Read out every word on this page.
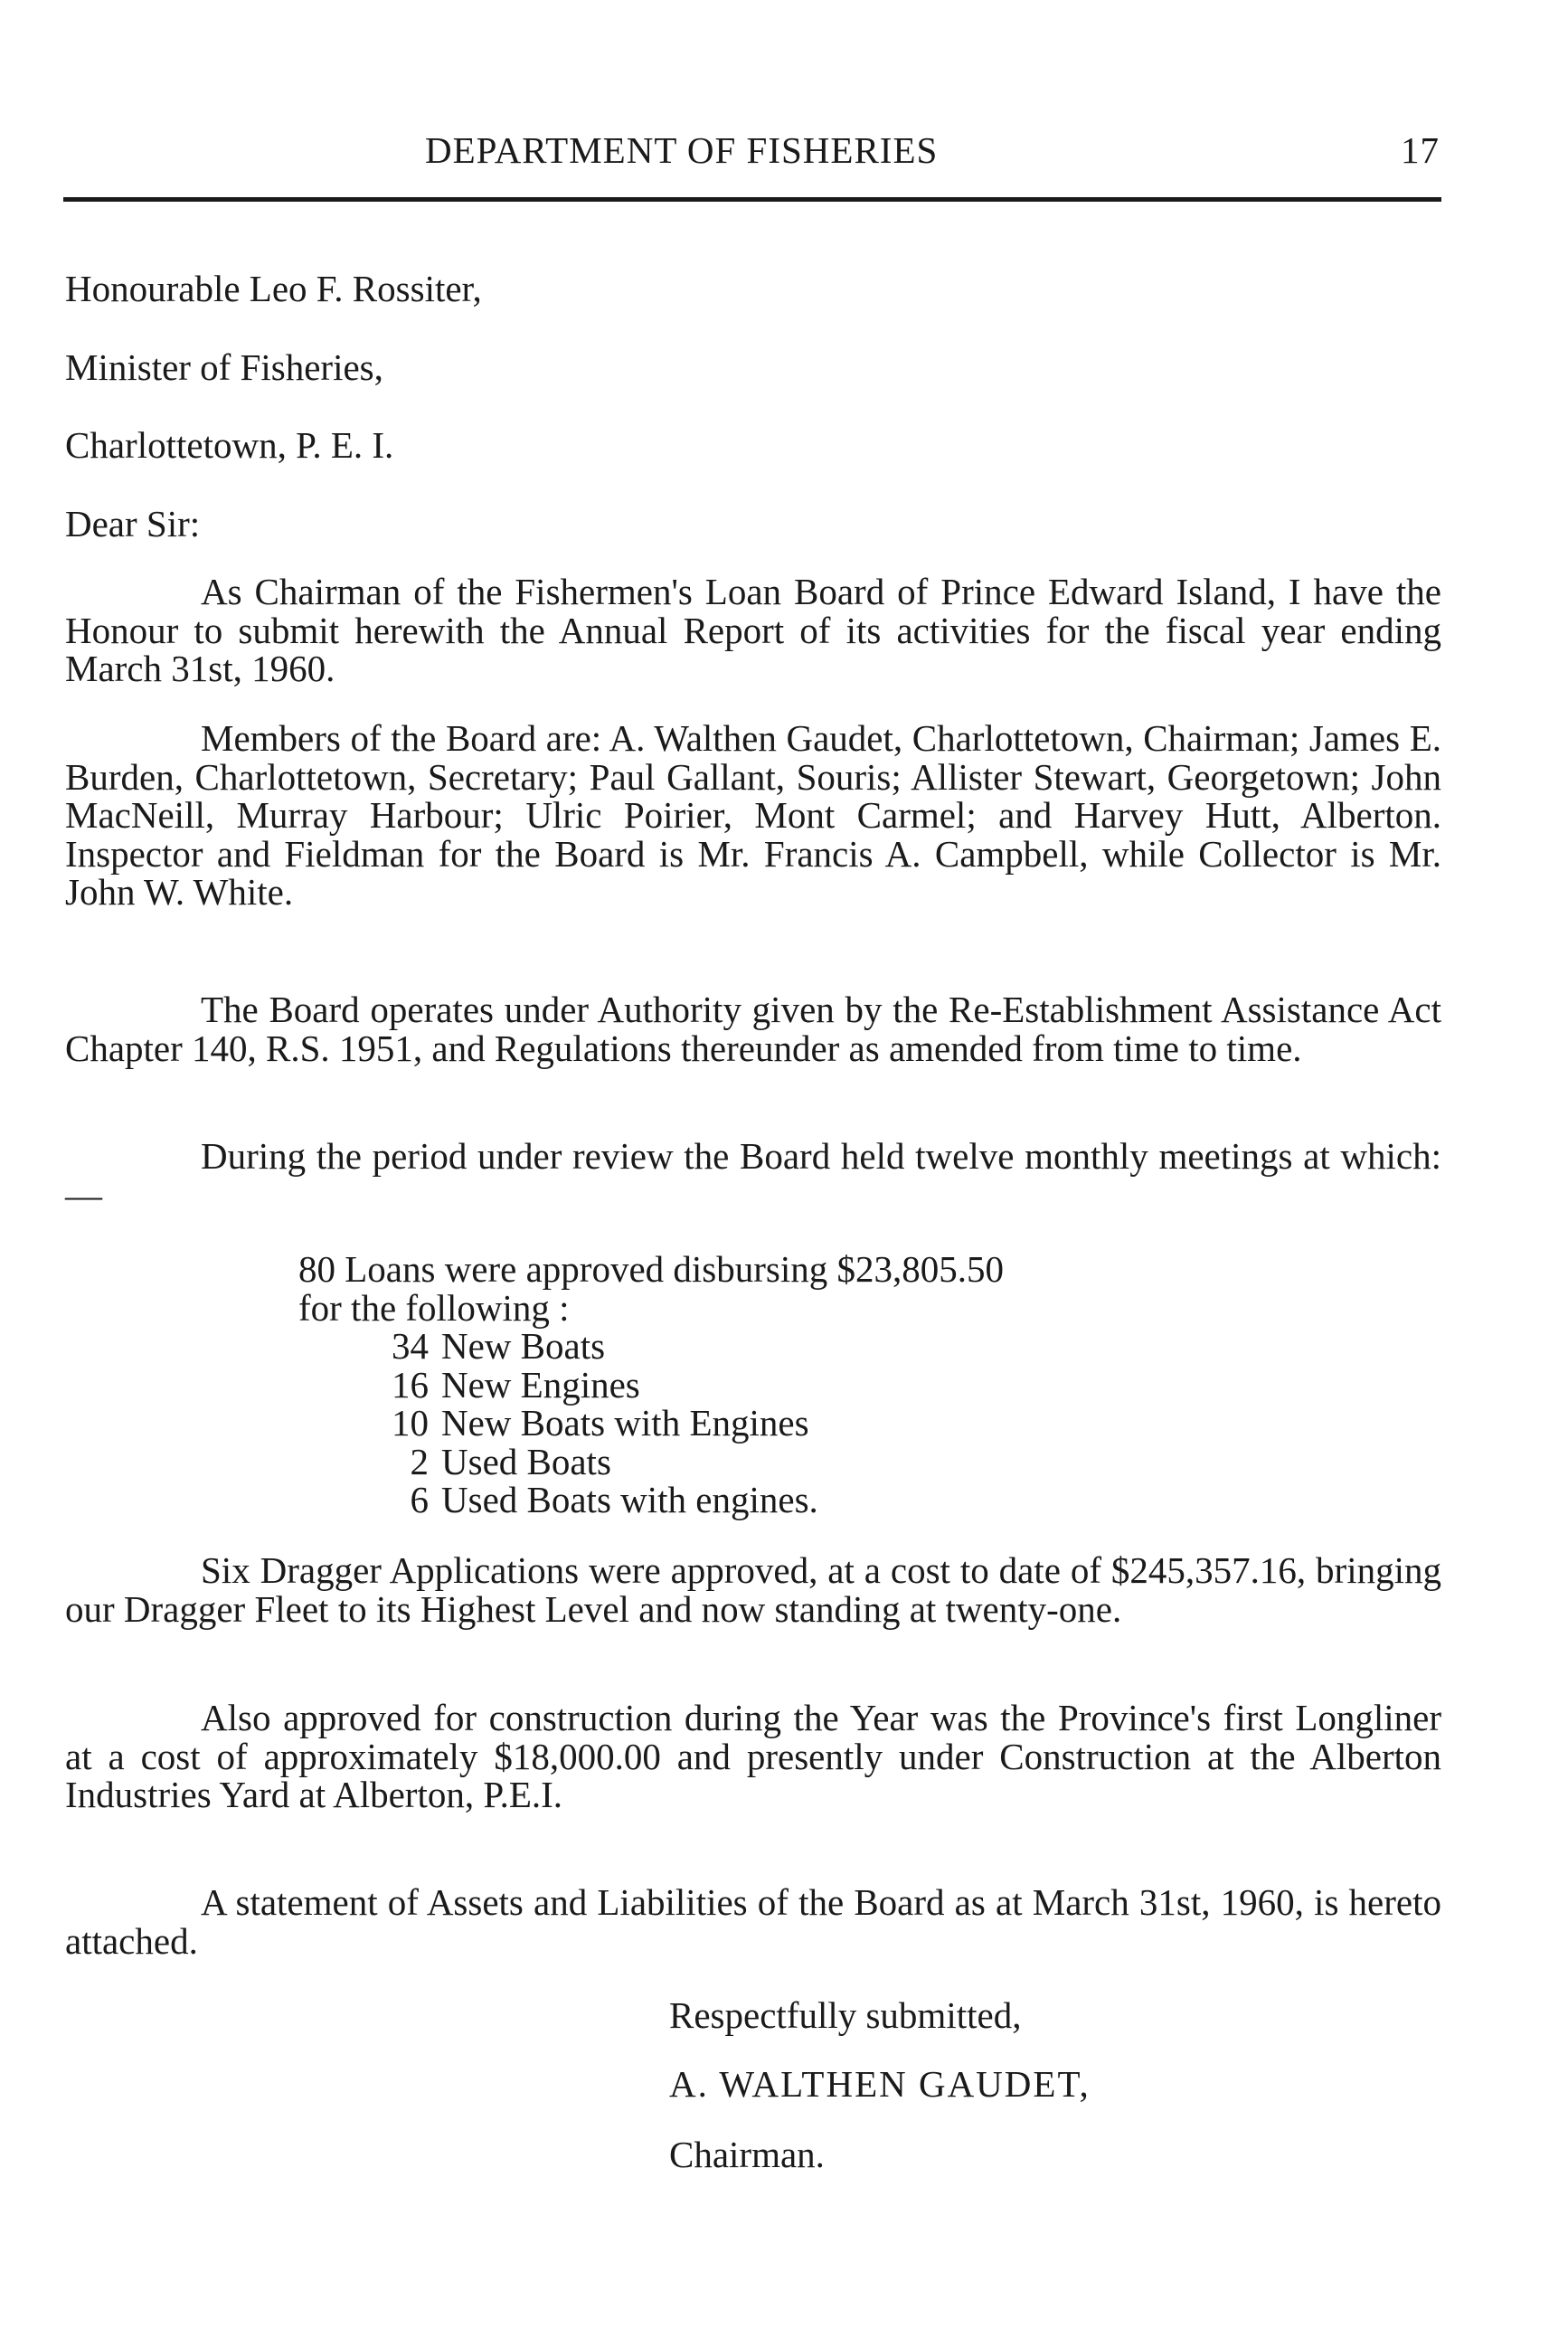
DEPARTMENT OF FISHERIES	17
Honourable Leo F. Rossiter,
Minister of Fisheries,
Charlottetown, P. E. I.
Dear Sir:
As Chairman of the Fishermen's Loan Board of Prince Edward Island, I have the Honour to submit herewith the Annual Report of its activities for the fiscal year ending March 31st, 1960.
Members of the Board are: A. Walthen Gaudet, Charlottetown, Chairman; James E. Burden, Charlottetown, Secretary; Paul Gallant, Souris; Allister Stewart, Georgetown; John MacNeill, Murray Harbour; Ulric Poirier, Mont Carmel; and Harvey Hutt, Alberton. Inspector and Fieldman for the Board is Mr. Francis A. Campbell, while Collector is Mr. John W. White.
The Board operates under Authority given by the Re-Establishment Assistance Act Chapter 140, R.S. 1951, and Regulations thereunder as amended from time to time.
During the period under review the Board held twelve monthly meetings at which:—
80 Loans were approved disbursing $23,805.50
for the following :
34 New Boats
16 New Engines
10 New Boats with Engines
2 Used Boats
6 Used Boats with engines.
Six Dragger Applications were approved, at a cost to date of $245,357.16, bringing our Dragger Fleet to its Highest Level and now standing at twenty-one.
Also approved for construction during the Year was the Province's first Longliner at a cost of approximately $18,000.00 and presently under Construction at the Alberton Industries Yard at Alberton, P.E.I.
A statement of Assets and Liabilities of the Board as at March 31st, 1960, is hereto attached.
Respectfully submitted,
A. WALTHEN GAUDET,
Chairman.
